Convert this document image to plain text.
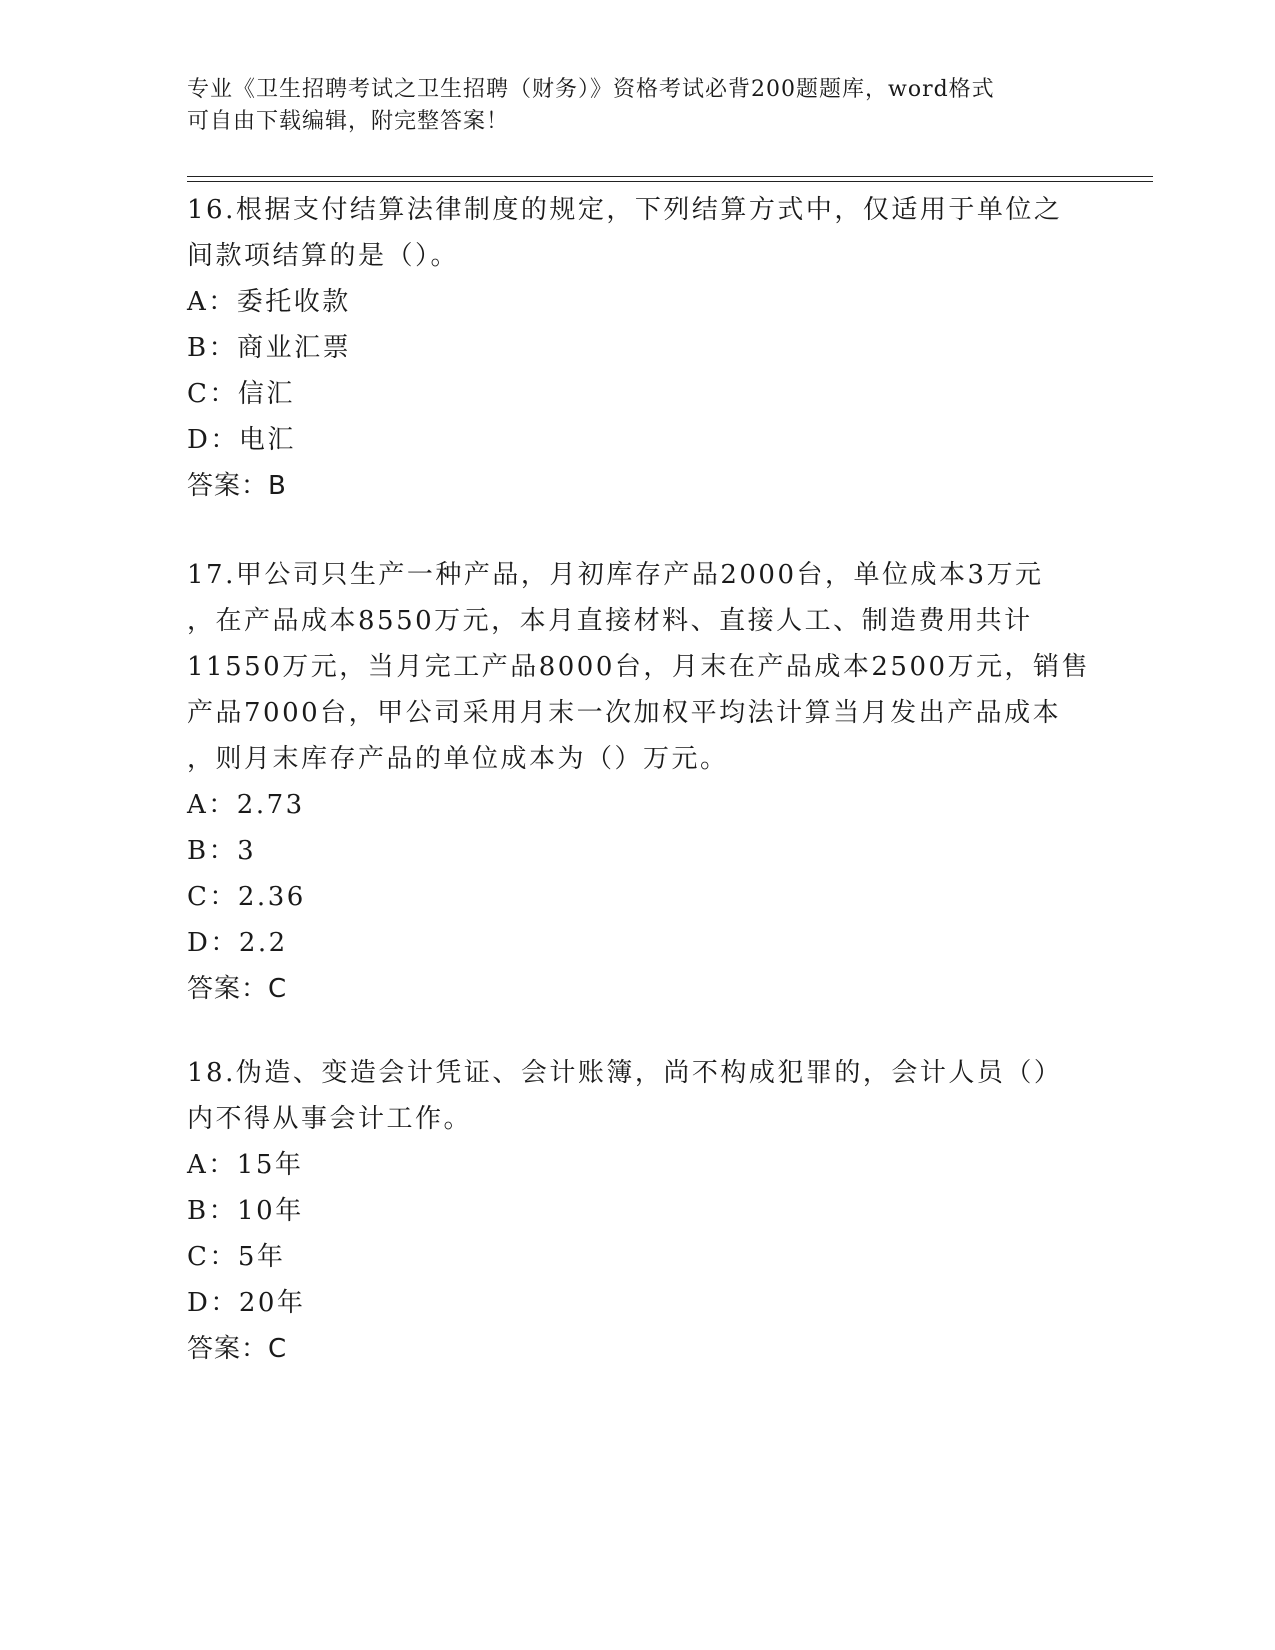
专业《卫生招聘考试之卫生招聘（财务）》资格考试必背200题题库，word格式
可自由下载编辑，附完整答案！
16.根据支付结算法律制度的规定，下列结算方式中，仅适用于单位之
间款项结算的是（）。
A：委托收款
B：商业汇票
C：信汇
D：电汇
答案：B
17.甲公司只生产一种产品，月初库存产品2000台，单位成本3万元
，在产品成本8550万元，本月直接材料、直接人工、制造费用共计
11550万元，当月完工产品8000台，月末在产品成本2500万元，销售
产品7000台，甲公司采用月末一次加权平均法计算当月发出产品成本
，则月末库存产品的单位成本为（）万元。
A：2.73
B：3
C：2.36
D：2.2
答案：C
18.伪造、变造会计凭证、会计账簿，尚不构成犯罪的，会计人员（）
内不得从事会计工作。
A：15年
B：10年
C：5年
D：20年
答案：C
